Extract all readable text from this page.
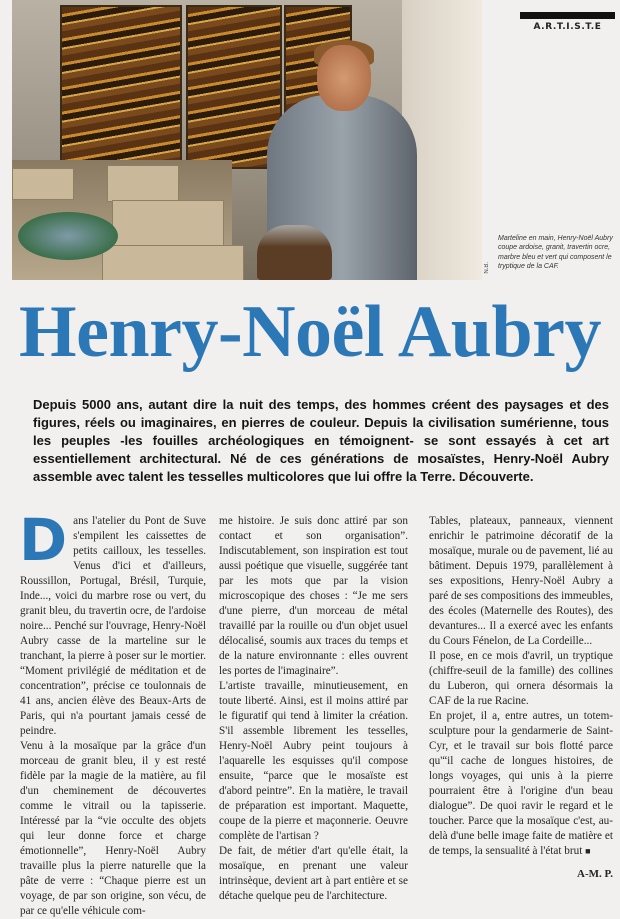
N.B.
A.R.T.I.S.T.E
Marteline en main, Henry-Noël Aubry coupe ardoise, granit, travertin ocre, marbre bleu et vert qui composent le tryptique de la CAF.
Henry-Noël Aubry
Depuis 5000 ans, autant dire la nuit des temps, des hommes créent des paysages et des figures, réels ou imaginaires, en pierres de couleur. Depuis la civilisation sumérienne, tous les peuples -les fouilles archéologiques en témoignent- se sont essayés à cet art essentiellement architectural. Né de ces générations de mosaïstes, Henry-Noël Aubry assemble avec talent les tesselles multicolores que lui offre la Terre. Découverte.

Dans l'atelier du Pont de Suve s'empilent les caissettes de petits cailloux, les tesselles. Venus d'ici et d'ailleurs, Roussillon, Portugal, Brésil, Turquie, Inde..., voici du marbre rose ou vert, du granit bleu, du travertin ocre, de l'ardoise noire... Penché sur l'ouvrage, Henry-Noël Aubry casse de la marteline sur le tranchant, la pierre à poser sur le mortier. “Moment privilégié de méditation et de concentration”, précise ce toulonnais de 41 ans, ancien élève des Beaux-Arts de Paris, qui n'a pourtant jamais cessé de peindre.

Venu à la mosaïque par la grâce d'un morceau de granit bleu, il y est resté fidèle par la magie de la matière, au fil d'un cheminement de découvertes comme le vitrail ou la tapisserie. Intéressé par la “vie occulte des objets qui leur donne force et charge émotionnelle”, Henry-Noël Aubry travaille plus la pierre naturelle que la pâte de verre : “Chaque pierre est un voyage, de par son origine, son vécu, de par ce qu'elle véhicule com-

me histoire. Je suis donc attiré par son contact et son organisation”. Indiscutablement, son inspiration est tout aussi poétique que visuelle, suggérée tant par les mots que par la vision microscopique des choses : “Je me sers d'une pierre, d'un morceau de métal travaillé par la rouille ou d'un objet usuel délocalisé, soumis aux traces du temps et de la nature environnante : elles ouvrent les portes de l'imaginaire”.

L'artiste travaille, minutieusement, en toute liberté. Ainsi, est il moins attiré par le figuratif qui tend à limiter la création. S'il assemble librement les tesselles, Henry-Noël Aubry peint toujours à l'aquarelle les esquisses qu'il compose ensuite, “parce que le mosaïste est d'abord peintre”. En la matière, le travail de préparation est important. Maquette, coupe de la pierre et maçonnerie. Oeuvre complète de l'artisan ?

De fait, de métier d'art qu'elle était, la mosaïque, en prenant une valeur intrinsèque, devient art à part entière et se détache quelque peu de l'architecture.

Tables, plateaux, panneaux, viennent enrichir le patrimoine décoratif de la mosaïque, murale ou de pavement, lié au bâtiment. Depuis 1979, parallèlement à ses expositions, Henry-Noël Aubry a paré de ses compositions des immeubles, des écoles (Maternelle des Routes), des devantures... Il a exercé avec les enfants du Cours Fénelon, de La Cordeille...

Il pose, en ce mois d'avril, un tryptique (chiffre-seuil de la famille) des collines du Luberon, qui ornera désormais la CAF de la rue Racine.

En projet, il a, entre autres, un totem-sculpture pour la gendarmerie de Saint-Cyr, et le travail sur bois flotté parce qu'“il cache de longues histoires, de longs voyages, qui unis à la pierre pourraient être à l'origine d'un beau dialogue”. De quoi ravir le regard et le toucher. Parce que la mosaïque c'est, au-delà d'une belle image faite de matière et de temps, la sensualité à l'état brut ■

A-M. P.
